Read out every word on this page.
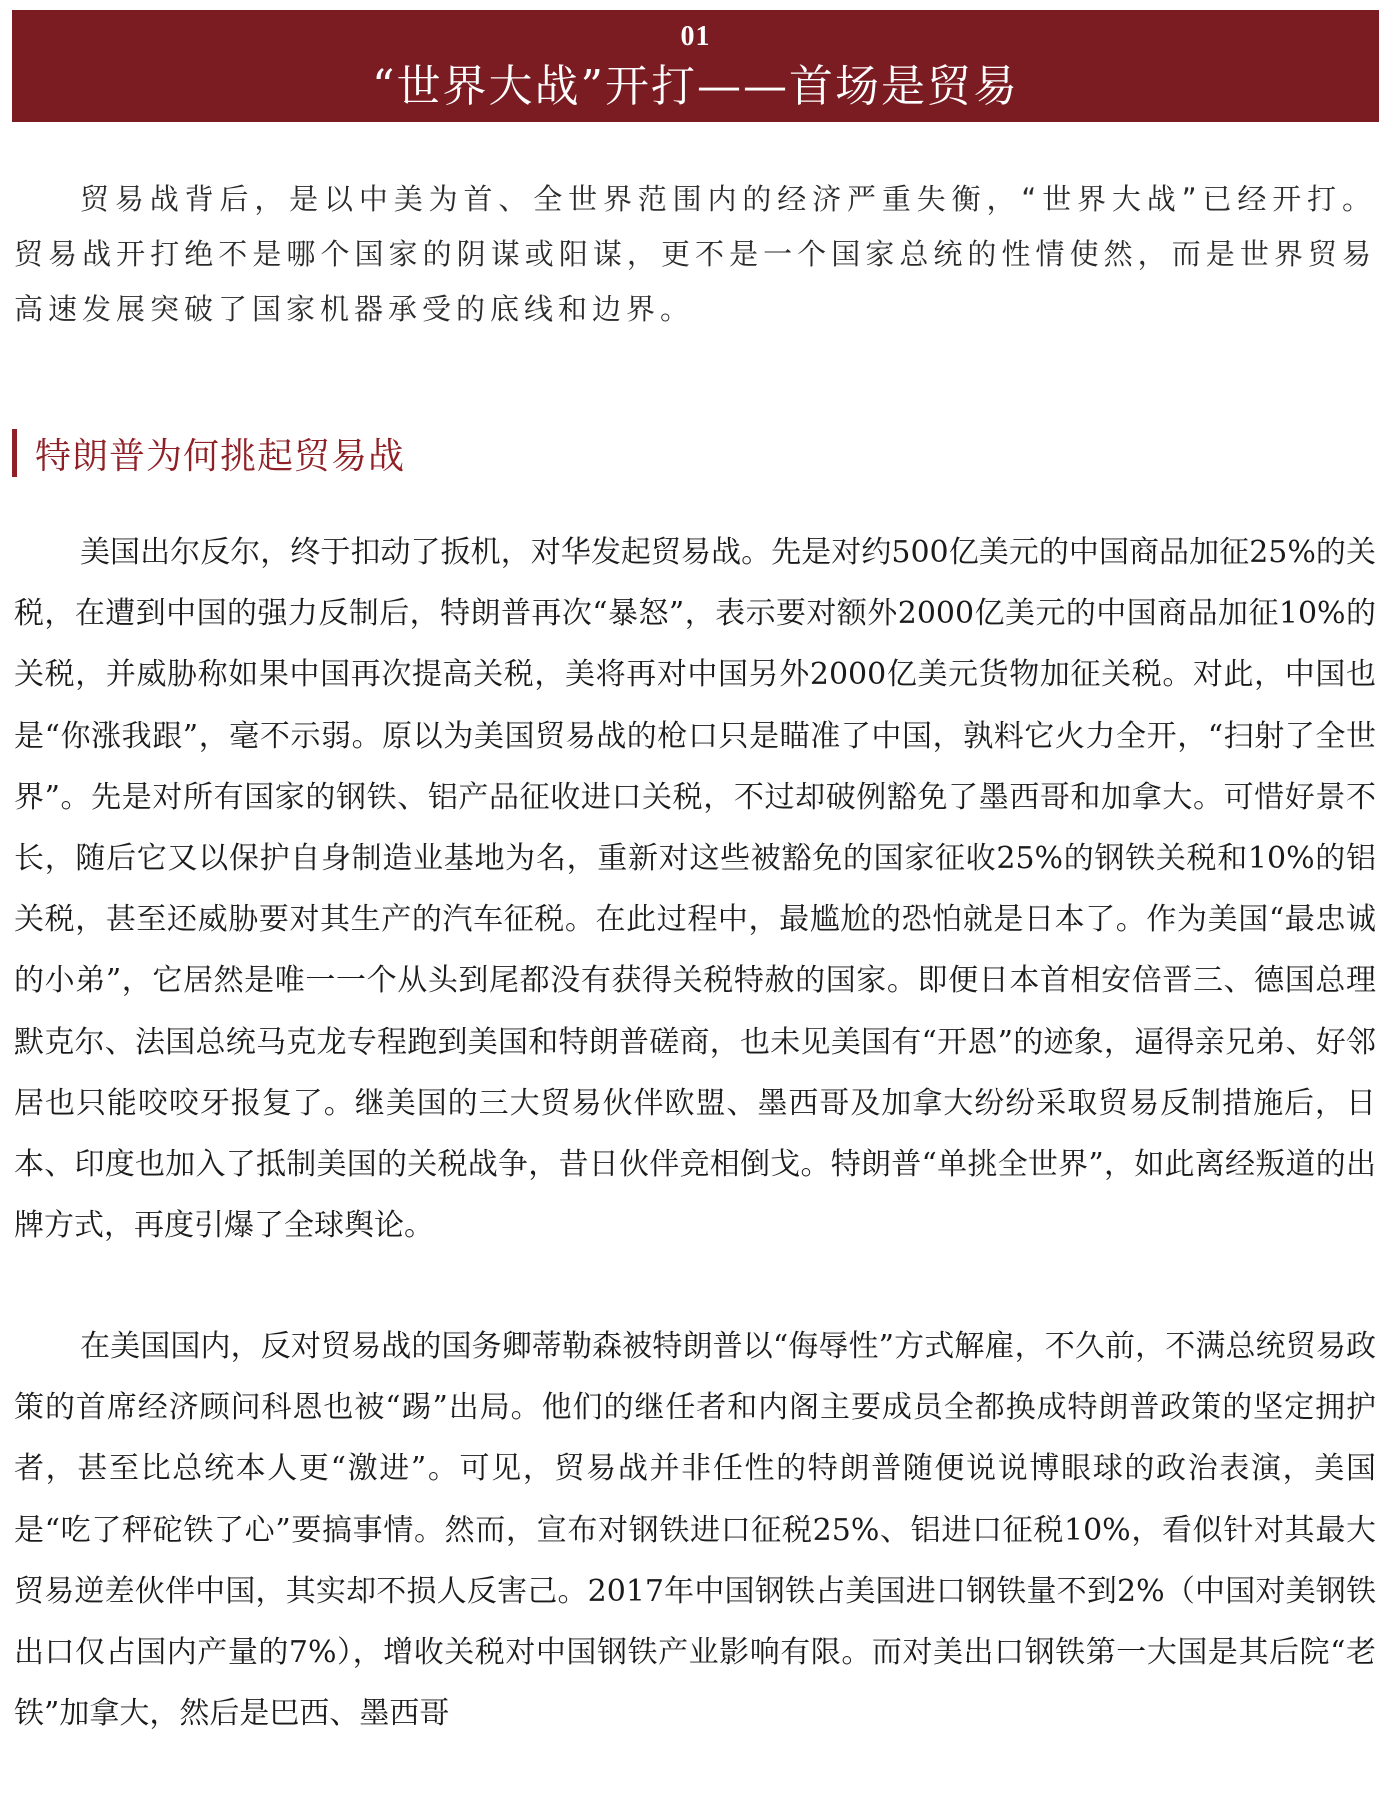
01
“世界大战”开打——首场是贸易

贸易战背后，是以中美为首、全世界范围内的经济严重失衡，“世界大战”已经开打。贸易战开打绝不是哪个国家的阴谋或阳谋，更不是一个国家总统的性情使然，而是世界贸易高速发展突破了国家机器承受的底线和边界。

特朗普为何挑起贸易战

美国出尔反尔，终于扣动了扳机，对华发起贸易战。先是对约500亿美元的中国商品加征25%的关税，在遭到中国的强力反制后，特朗普再次“暴怒”，表示要对额外2000亿美元的中国商品加征10%的关税，并威胁称如果中国再次提高关税，美将再对中国另外2000亿美元货物加征关税。对此，中国也是“你涨我跟”，毫不示弱。原以为美国贸易战的枪口只是瞄准了中国，孰料它火力全开，“扫射了全世界”。先是对所有国家的钢铁、铝产品征收进口关税，不过却破例豁免了墨西哥和加拿大。可惜好景不长，随后它又以保护自身制造业基地为名，重新对这些被豁免的国家征收25%的钢铁关税和10%的铝关税，甚至还威胁要对其生产的汽车征税。在此过程中，最尴尬的恐怕就是日本了。作为美国“最忠诚的小弟”，它居然是唯一一个从头到尾都没有获得关税特赦的国家。即便日本首相安倍晋三、德国总理默克尔、法国总统马克龙专程跑到美国和特朗普磋商，也未见美国有“开恩”的迹象，逼得亲兄弟、好邻居也只能咬咬牙报复了。继美国的三大贸易伙伴欧盟、墨西哥及加拿大纷纷采取贸易反制措施后，日本、印度也加入了抵制美国的关税战争，昔日伙伴竞相倒戈。特朗普“单挑全世界”，如此离经叛道的出牌方式，再度引爆了全球舆论。

在美国国内，反对贸易战的国务卿蒂勒森被特朗普以“侮辱性”方式解雇，不久前，不满总统贸易政策的首席经济顾问科恩也被“踢”出局。他们的继任者和内阁主要成员全都换成特朗普政策的坚定拥护者，甚至比总统本人更“激进”。可见，贸易战并非任性的特朗普随便说说博眼球的政治表演，美国是“吃了秤砣铁了心”要搞事情。然而，宣布对钢铁进口征税25%、铝进口征税10%，看似针对其最大贸易逆差伙伴中国，其实却不损人反害己。2017年中国钢铁占美国进口钢铁量不到2%（中国对美钢铁出口仅占国内产量的7%），增收关税对中国钢铁产业影响有限。而对美出口钢铁第一大国是其后院“老铁”加拿大，然后是巴西、墨西哥
